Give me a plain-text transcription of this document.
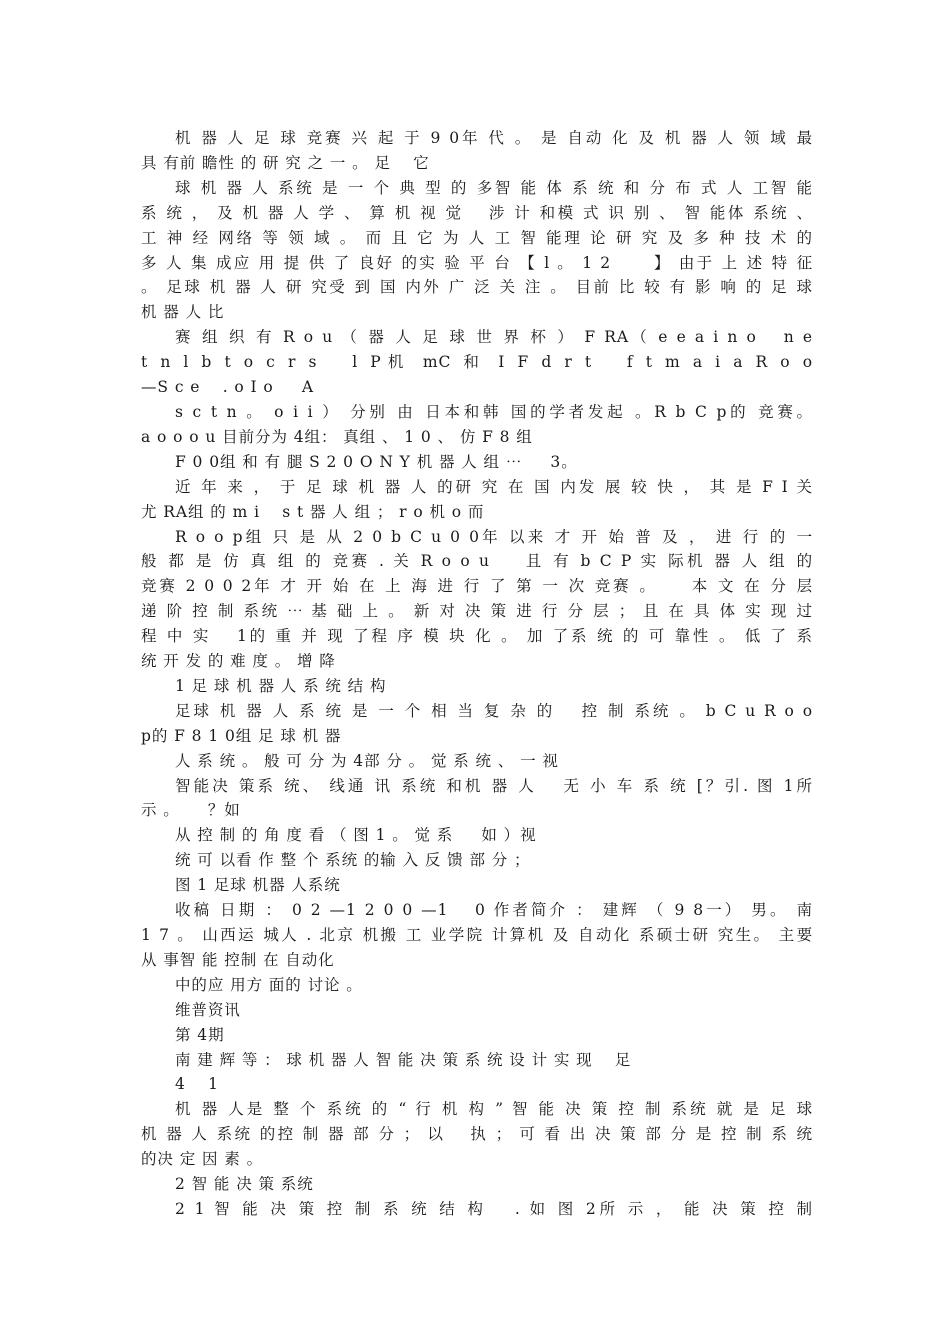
机 器 人 足 球 竞赛 兴 起 于 9 0年 代 。 是 自动 化 及 机 器 人 领 域 最
具 有前 瞻性 的 研 究 之 一 。 足 　它
球 机 器 人 系统 是 一 个 典 型 的 多智 能 体 系 统 和 分 布 式 人 工智 能
系 统 ， 及 机 器 人 学 、 算 机 视 觉 　涉 计 和模 式 识 别 、 智 能体 系统 、
工 神 经 网络 等 领 域 。 而 且 它 为 人 工 智 能理 论 研 究 及 多 种 技 术 的
多 人 集 成应 用 提 供 了 良好 的实 验 平 台 【 l 。 1 2 　　】 由于 上 述 特 征
。 足球 机 器 人 研 究受 到 国 内外 广 泛 关 注 。 目前 比 较 有 影 响 的 足 球
机 器 人 比
赛 组 织 有 R o u （ 器 人 足 球 世 界 杯 ） F RA（ e e a i n o 　n e
t n l b t o c r s 　l P机 mC 和 I F d r t 　f t m a i a R o o
—S c e 　. o I o 　 A
s c t n 。 o i i ） 分别 由 日本和韩 国的学者发起 。R b C p的 竞赛。
a o o o u 目前分为 4组： 真组 、 1 0 、 仿 F 8 组
F 0 0组 和 有 腿 S 2 0 O N Y 机 器 人 组 ⋯ 　 3。
近 年 来 ， 于 足 球 机 器 人 的研 究 在 国 内发 展 较 快 ， 其 是 F I 关
尤 RA组 的 m i 　s t 器 人 组 ； r o 机 o 而
R o o p组 只 是 从 2 0 b C u 0 0年 以来 才 开 始 普 及 ， 进 行 的 一
般 都 是 仿 真 组 的 竞赛 . 关 R o o u 　 且 有 b C P 实 际机 器 人 组 的
竞赛 2 0 0 2年 才 开 始 在 上 海 进 行 了 第 一 次 竞赛 。 　 本 文 在 分 层
递 阶 控 制 系统 ⋯ 基 础 上 。 新 对 决 策 进 行 分 层 ； 且 在 具 体 实 现 过
程 中 实 　1的 重 并 现 了程 序 模 块 化 。 加 了系 统 的 可 靠性 。 低 了 系
统 开 发 的 难 度 。 增 降
1 足 球 机 器 人 系 统 结 构
足球 机 器 人 系 统 是 一 个 相 当 复 杂 的 　控 制 系统 。 b C u R o o
p的 F 8 1 0组 足 球 机 器
人 系 统 。 般 可 分 为 4部 分 。 觉 系 统 、 一 视
智能决 策系 统、 线通 讯 系统 和机 器 人 　无 小 车 系 统 [？引. 图 1所
示 。 　 ？如
从 控 制 的 角 度 看 （ 图 1 。 觉 系 　 如 ）视
统 可 以看 作 整 个 系统 的输 入 反 馈 部 分 ；
图 1 足球 机器 人系统
收稿 日期 ： 0 2 —1 2 0 0 —1 　0 作者简介 ： 建辉 （ 9 8一） 男。 南
1 7 。 山西运 城人 . 北京 机搬 工 业学院 计算机 及 自动化 系硕士研 究生。 主要
从 事智 能 控制 在 自动化
中的应 用方 面的 讨论 。
维普资讯
第 4期
南 建 辉 等 ： 球 机 器 人 智 能 决 策 系 统 设 计 实 现 　足
4 　1
机 器 人是 整 个 系统 的 “ 行 机 构 ” 智 能 决 策 控 制 系统 就 是 足 球
机 器 人 系统 的控 制 器 部 分 ； 以 　执 ； 可 看 出 决 策 部 分 是 控 制 系 统
的决 定 因 素 。
2 智 能 决 策 系统
2 1 智 能 决 策 控 制 系 统 结 构 　. 如 图 2所 示 ， 能 决 策 控 制
